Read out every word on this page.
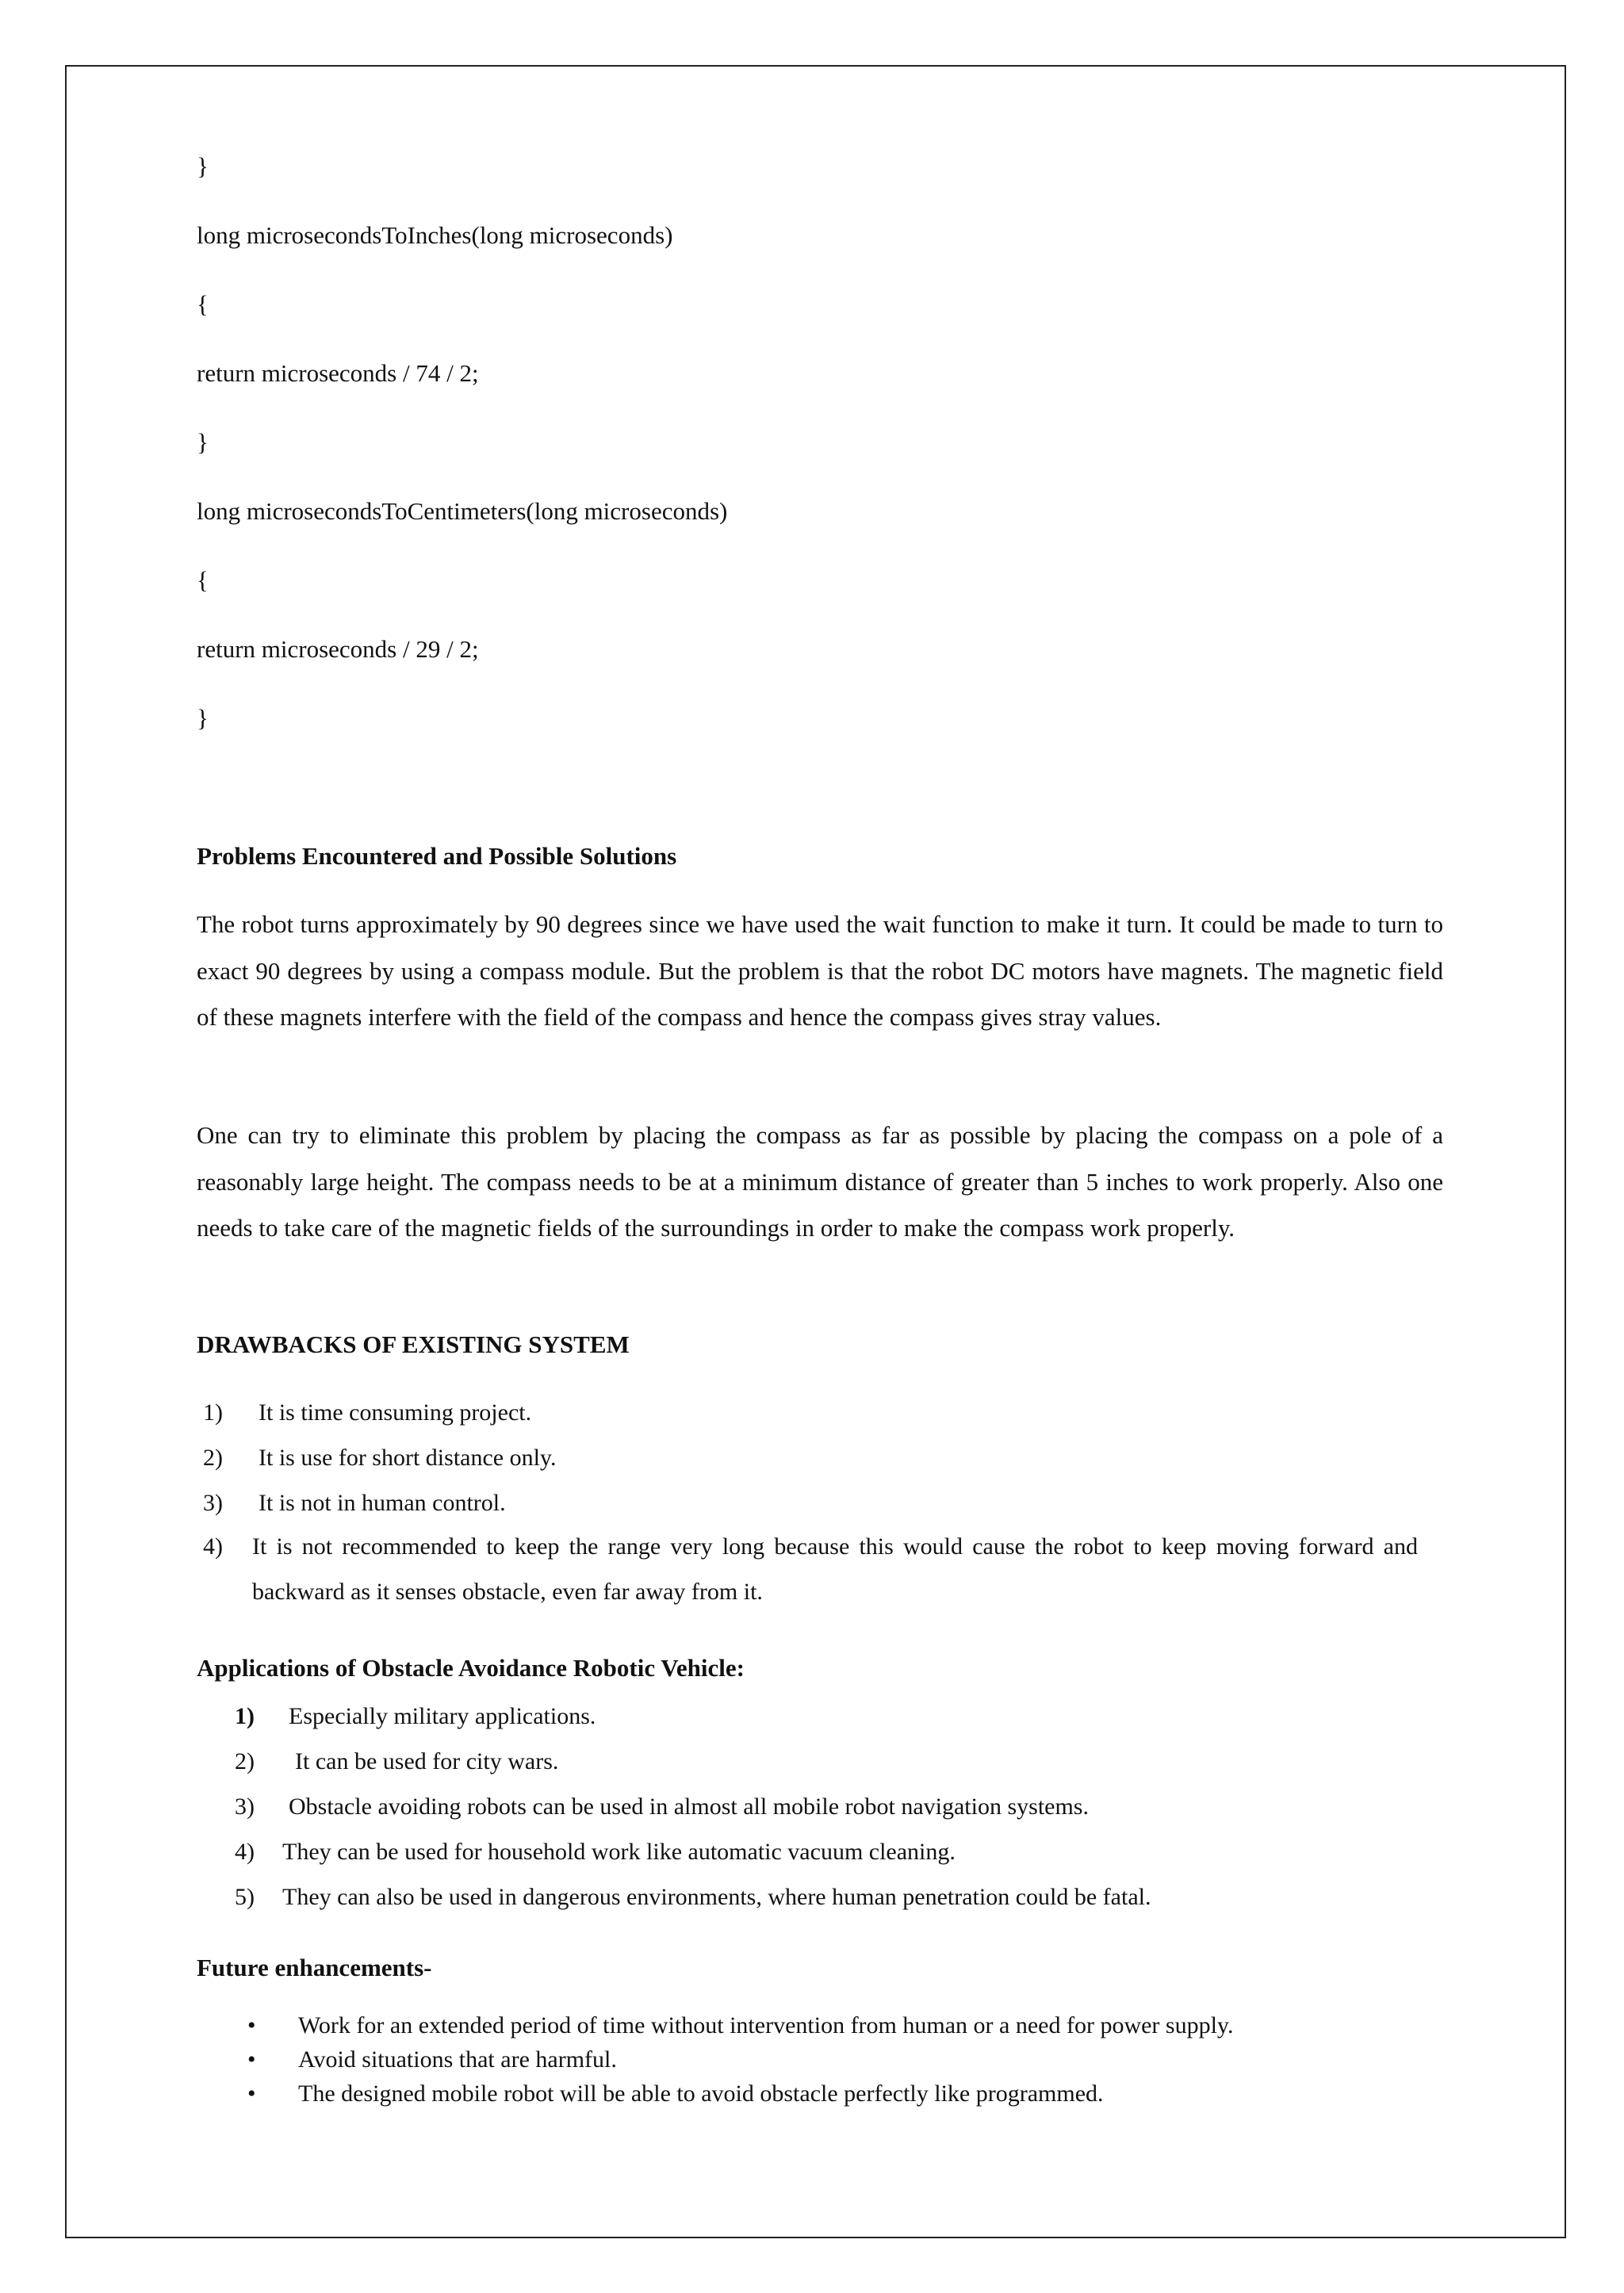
}
long microsecondsToInches(long microseconds)
{
return microseconds / 74 / 2;
}
long microsecondsToCentimeters(long microseconds)
{
return microseconds / 29 / 2;
}
Problems Encountered and Possible Solutions
The robot turns approximately by 90 degrees since we have used the wait function to make it turn. It could be made to turn to exact 90 degrees by using a compass module. But the problem is that the robot DC motors have magnets. The magnetic field of these magnets interfere with the field of the compass and hence the compass gives stray values.
One can try to eliminate this problem by placing the compass as far as possible by placing the compass on a pole of a reasonably large height. The compass needs to be at a minimum distance of greater than 5 inches to work properly. Also one needs to take care of the magnetic fields of the surroundings in order to make the compass work properly.
DRAWBACKS OF EXISTING SYSTEM
1) It is time consuming project.
2) It is use for short distance only.
3) It is not in human control.
4) It is not recommended to keep the range very long because this would cause the robot to keep moving forward and backward as it senses obstacle, even far away from it.
Applications of Obstacle Avoidance Robotic Vehicle:
1) Especially military applications.
2) It can be used for city wars.
3) Obstacle avoiding robots can be used in almost all mobile robot navigation systems.
4) They can be used for household work like automatic vacuum cleaning.
5) They can also be used in dangerous environments, where human penetration could be fatal.
Future enhancements-
• Work for an extended period of time without intervention from human or a need for power supply.
• Avoid situations that are harmful.
• The designed mobile robot will be able to avoid obstacle perfectly like programmed.
